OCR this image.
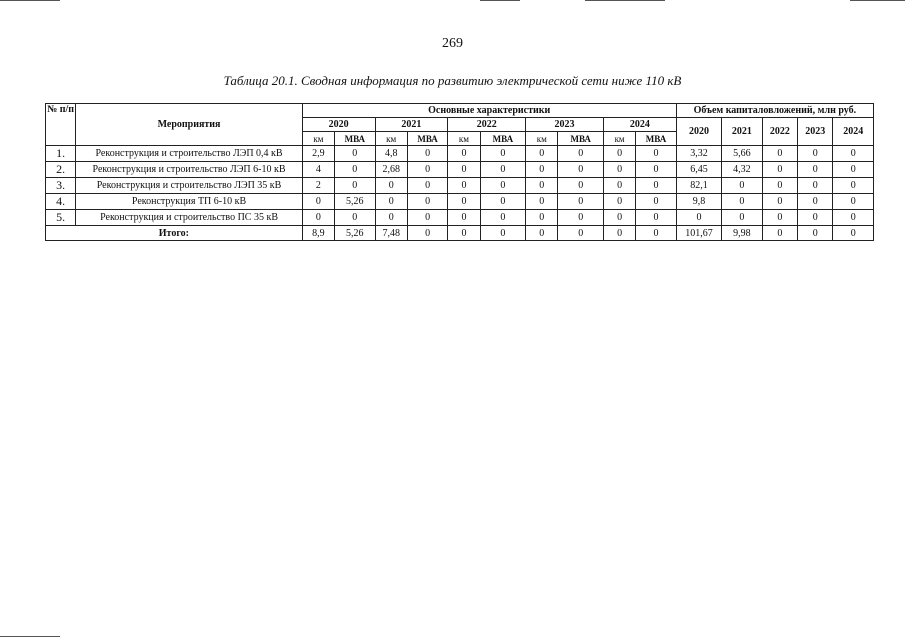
269
Таблица 20.1. Сводная информация по развитию электрической сети ниже 110 кВ
№ п/п	Мероприятия	Основные характеристики										Объем капиталовложений, млн руб.				
		2020		2021		2022		2023		2024		2020	2021	2022	2023	2024
		км	МВА	км	МВА	км	МВА	км	МВА	км	МВА					
1.	Реконструкция и строительство ЛЭП 0,4 кВ	2,9	0	4,8	0	0	0	0	0	0	0	3,32	5,66	0	0	0
2.	Реконструкция и строительство ЛЭП 6-10 кВ	4	0	2,68	0	0	0	0	0	0	0	6,45	4,32	0	0	0
3.	Реконструкция и строительство ЛЭП 35 кВ	2	0	0	0	0	0	0	0	0	0	82,1	0	0	0	0
4.	Реконструкция ТП 6-10 кВ	0	5,26	0	0	0	0	0	0	0	0	9,8	0	0	0	0
5.	Реконструкция и строительство ПС 35 кВ	0	0	0	0	0	0	0	0	0	0	0	0	0	0	0
Итого:		8,9	5,26	7,48	0	0	0	0	0	0	0	101,67	9,98	0	0	0
